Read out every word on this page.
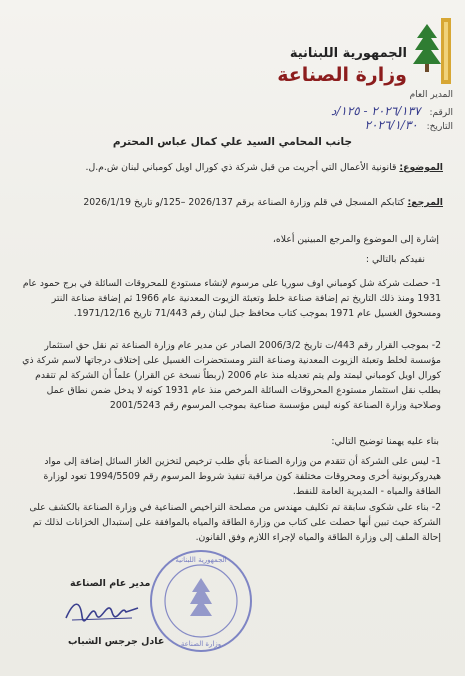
الجمهورية اللبنانية
وزارة الصناعة
المدير العام
الرقم: ٢٠٢٦/١٣٧ - ١٢٥/د
التاريخ: ٢٠٢٦/١/٣٠
جانب المحامي السيد علي كمال عباس المحترم
الموضوع: قانونية الأعمال التي أجريت من قبل شركة ذي كورال اويل كومباني لبنان ش.م.ل.
المرجع: كتابكم المسجل في قلم وزارة الصناعة برقم 2026/137 –125/و تاريخ 2026/1/19
إشارة إلى الموضوع والمرجع المبينين أعلاه،
نفيدكم بالتالي :
1- حصلت شركة شل كومباني اوف سوريا على مرسوم لإنشاء مستودع للمحروقات السائلة في برج حمود عام 1931 ومنذ ذلك التاريخ تم إضافة صناعة خلط وتعبئة الزيوت المعدنية عام 1966 ثم إضافة صناعة النتر ومسحوق الغسيل عام 1971 بموجب كتاب محافظ جبل لبنان رقم 71/443 تاريخ 1971/12/16.
2- بموجب القرار رقم 443/ت تاريخ 2006/3/2 الصادر عن مدير عام وزارة الصناعة تم نقل حق استثمار مؤسسة لخلط وتعبئة الزيوت المعدنية وصناعة النتر ومستحضرات الغسيل على إختلاف درجاتها لاسم شركة ذي كورال اويل كومباني ليمتد ولم يتم تعديله منذ عام 2006 (ربطاً نسخة عن القرار) علماً أن الشركة لم تتقدم بطلب نقل استثمار مستودع المحروقات السائلة المرخص منذ عام 1931 كونه لا يدخل ضمن نطاق عمل وصلاحية وزارة الصناعة كونه ليس مؤسسة صناعية بموجب المرسوم رقم 2001/5243
بناء عليه يهمنا توضيح التالي:
1- ليس على الشركة أن تتقدم من وزارة الصناعة بأي طلب ترخيص لتخزين الغاز السائل إضافة إلى مواد هيدروكربونية أخرى ومحروقات مختلفة كون مراقبة تنفيذ شروط المرسوم رقم 1994/5509 تعود لوزارة الطاقة والمياه - المديرية العامة للنفط.
2- بناء على شكوى سابقة تم تكليف مهندس من مصلحة التراخيص الصناعية في وزارة الصناعة بالكشف على الشركة حيث تبين أنها حصلت على كتاب من وزارة الطاقة والمياه بالموافقة على إستبدال الخزانات لذلك تم إحالة الملف إلى وزارة الطاقة والمياه لإجراء اللازم وفق القانون.
الجمهورية اللبنانية
وزارة الصناعة
مدير عام الصناعة
عادل جرجس الشباب
